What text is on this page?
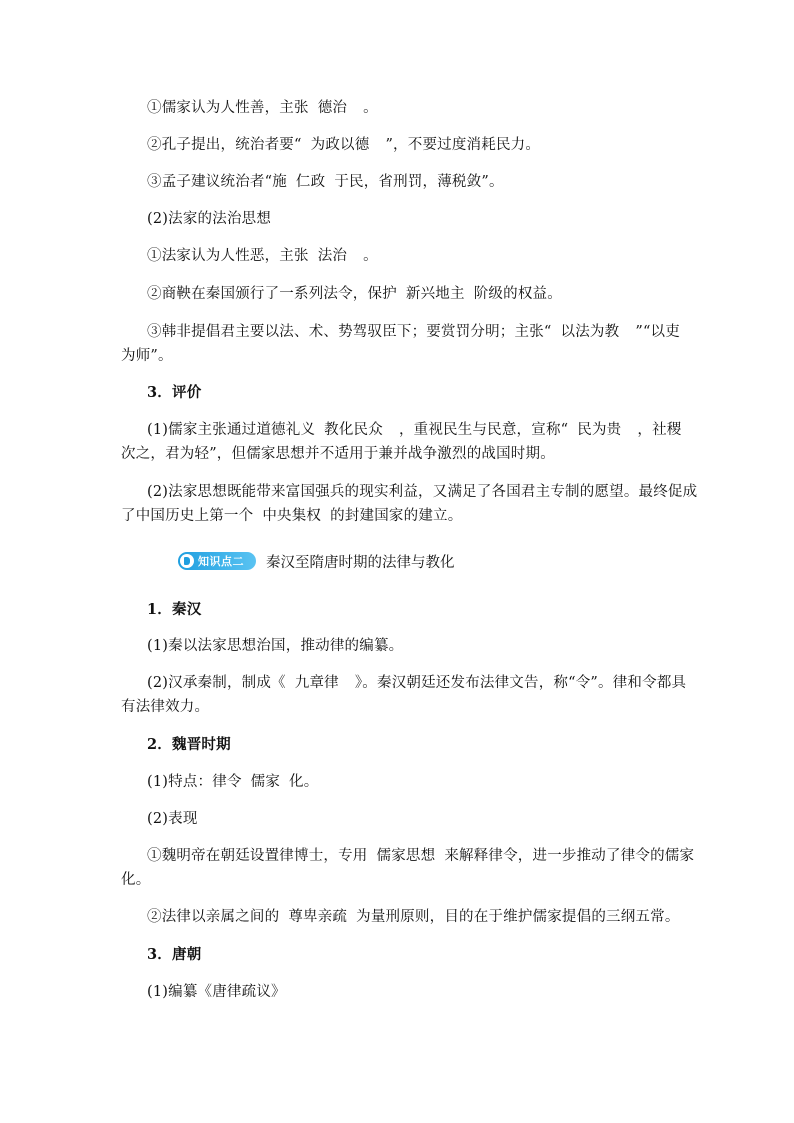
①儒家认为人性善，主张 德治 。
②孔子提出，统治者要“ 为政以德 ”，不要过度消耗民力。
③孟子建议统治者“施 仁政 于民，省刑罚，薄税敛”。
(2)法家的法治思想
①法家认为人性恶，主张 法治 。
②商鞅在秦国颁行了一系列法令，保护 新兴地主 阶级的权益。
③韩非提倡君主要以法、术、势驾驭臣下；要赏罚分明；主张“ 以法为教 ”“以吏
为师”。
3．评价
(1)儒家主张通过道德礼义 教化民众 ，重视民生与民意，宣称“ 民为贵 ，社稷
次之，君为轻”，但儒家思想并不适用于兼并战争激烈的战国时期。
(2)法家思想既能带来富国强兵的现实利益，又满足了各国君主专制的愿望。最终促成
了中国历史上第一个 中央集权 的封建国家的建立。
知识点二 秦汉至隋唐时期的法律与教化
1．秦汉
(1)秦以法家思想治国，推动律的编纂。
(2)汉承秦制，制成《 九章律 》。秦汉朝廷还发布法律文告，称“令”。律和令都具
有法律效力。
2．魏晋时期
(1)特点：律令 儒家 化。
(2)表现
①魏明帝在朝廷设置律博士，专用 儒家思想 来解释律令，进一步推动了律令的儒家
化。
②法律以亲属之间的 尊卑亲疏 为量刑原则，目的在于维护儒家提倡的三纲五常。
3．唐朝
(1)编纂《唐律疏议》
